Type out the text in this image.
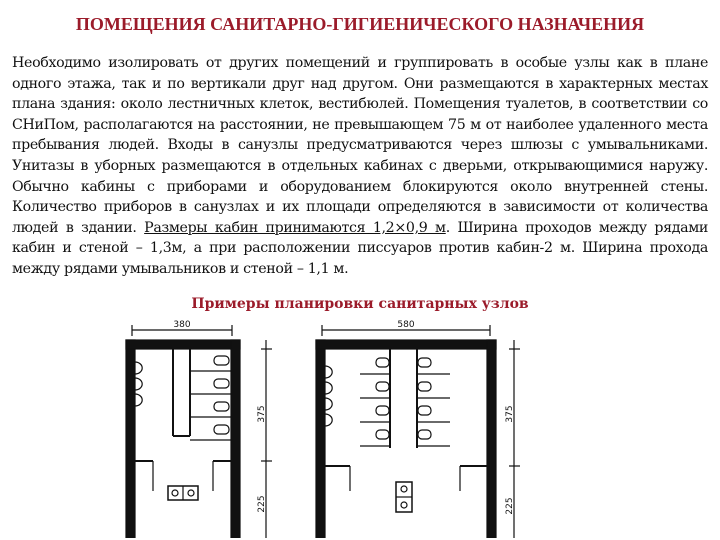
ПОМЕЩЕНИЯ САНИТАРНО-ГИГИЕНИЧЕСКОГО НАЗНАЧЕНИЯ

Необходимо изолировать от других помещений и группировать в особые узлы как в плане одного этажа, так и по вертикали друг над другом. Они размещаются в характерных местах плана здания: около лестничных клеток, вестибюлей. Помещения туалетов, в соответствии со СНиПом, располагаются на расстоянии, не превышающем 75 м от наиболее удаленного места пребывания людей. Входы в санузлы предусматриваются через шлюзы с умывальниками. Унитазы в уборных размещаются в отдельных кабинах с дверьми, открывающимися наружу. Обычно кабины с приборами и оборудованием блокируются около внутренней стены. Количество приборов в санузлах и их площади определяются в зависимости от количества людей в здании. Размеры кабин принимаются 1,2×0,9 м. Ширина проходов между рядами кабин и стеной – 1,3м, а при расположении писсуаров против кабин-2 м. Ширина прохода между рядами умывальников и стеной – 1,1 м.

Примеры планировки санитарных узлов
380
375
225
580
375
225
